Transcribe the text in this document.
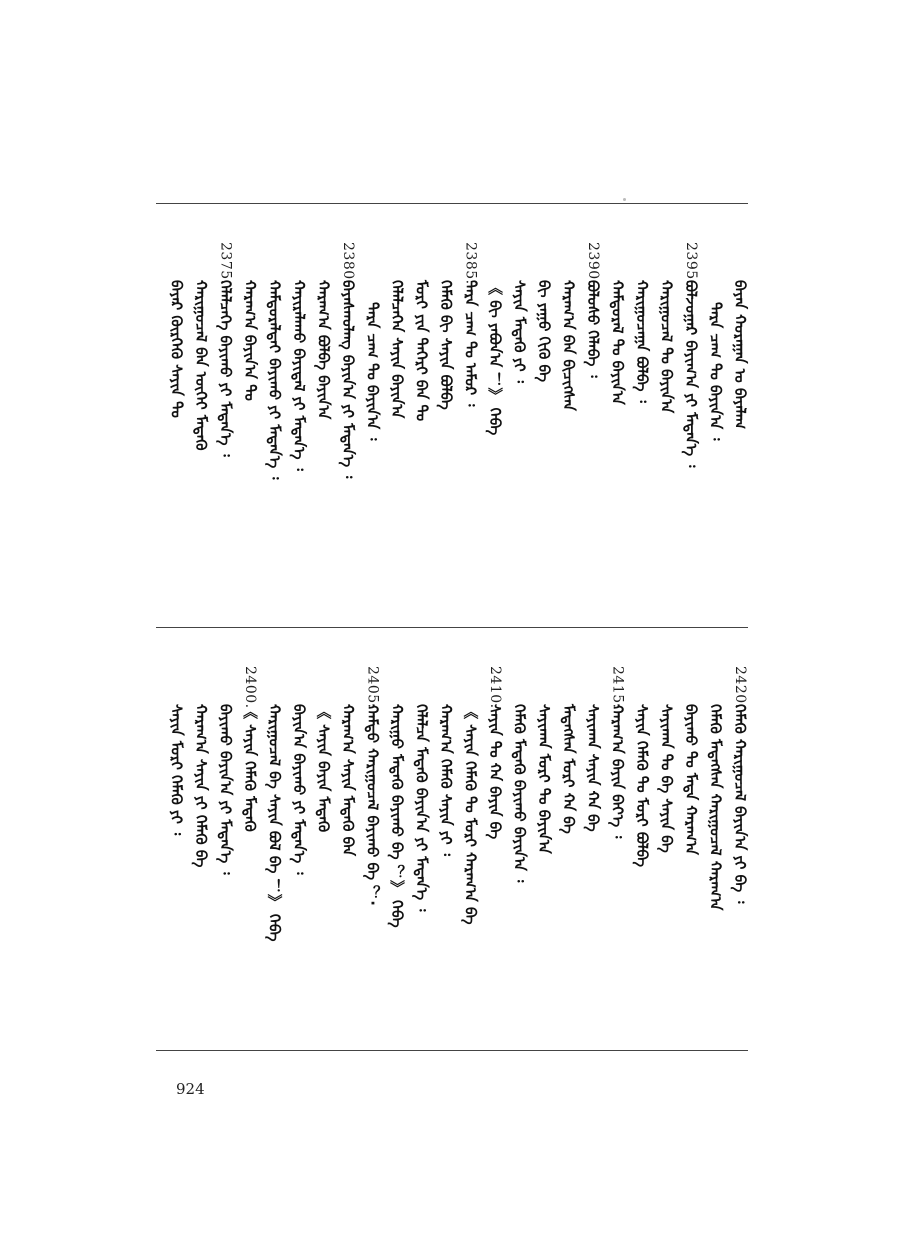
ᠪᠠᠶᠠᠨ ᠬᠤᠷᠠᠭᠠᠨ ᠤ ᠪᠠᠶᠠᠯᠠᠭ
ᠲᠡᠷᠡ ᠴᠠᠭ ᠲᠤ ᠪᠠᠶᠢᠨ᠎ᠠ ᠄
2395.
ᠪᠣᠯᠵᠣᠭᠠᠷ ᠪᠠᠶᠢᠭ᠎ᠠ ᠶᠢ ᠮᠡᠳᠡᠨ᠎ᠡ ᠄
ᠬᠠᠷᠢᠭᠤᠴᠠᠯ ᠲᠤ ᠪᠠᠶᠢᠨ᠎ᠠ
ᠬᠠᠷᠢᠭᠤᠴᠠᠭᠠ ᠪᠣᠯᠪᠠ ᠄
ᠬᠠᠮᠲᠤᠷᠠᠯ ᠲᠤ ᠪᠠᠶᠢᠨ᠎ᠠ
2390.
ᠪᠣᠯᠣᠰᠤ ᠬᠡᠯᠡᠪᠡ ᠄
ᠬᠠᠷᠠᠭ᠎ᠠ ᠪᠠᠨ ᠪᠢᠴᠢᠭᠰᠡᠨ
ᠪᠢ ᠶᠠᠭᠤ ᠬᠢᠬᠦ ᠪᠡ
ᠰᠠᠶᠢᠨ ᠮᠡᠳᠡᠬᠦ ᠶᠢ ᠄
《 ᠪᠢ ᠶᠠᠪᠤᠨ᠎ᠠ ！》 ᠭᠡᠪᠡ
2385.
ᠲᠡᠷᠡ ᠴᠠᠭ ᠲᠤ ᠠᠮᠤᠷ ᠄
ᠬᠡᠮᠡᠬᠦ ᠪᠢ ᠰᠠᠶᠢᠨ ᠪᠣᠯᠪᠠ
ᠮᠣᠷᠢ ᠶᠢᠨ ᠲᠡᠭᠡᠷᠢ ᠪᠡᠨ ᠲᠤ
ᠬᠡᠯᠡᠯᠴᠡᠭᠡᠨ ᠰᠠᠶᠢᠨ ᠪᠠᠶᠢᠨ᠎ᠠ
ᠲᠡᠷᠡ ᠴᠠᠭ ᠲᠤ ᠪᠠᠶᠢᠨ᠎ᠠ ᠄
2380.
ᠪᠠᠶᠠᠰᠬᠤᠯᠠᠩ ᠪᠠᠶᠢᠨ᠎ᠠ ᠶᠢ ᠮᠡᠳᠡᠨ᠎ᠡ ᠄
ᠬᠠᠷᠠᠭ᠎ᠠ ᠪᠣᠯᠪᠠ ᠪᠠᠶᠢᠨ᠎ᠠ
ᠬᠠᠶᠢᠷᠠᠯᠠᠬᠤ ᠪᠠᠶᠢᠳᠠᠯ ᠶᠢ ᠮᠡᠳᠡᠨ᠎ᠡ ᠄
ᠬᠠᠮᠲᠤᠷᠠᠯᠲᠠᠶ ᠪᠠᠶᠢᠬᠤ ᠶᠢ ᠮᠡᠳᠡᠨ᠎ᠡ ᠄
ᠬᠠᠷᠠᠭ᠎ᠠ ᠪᠠᠶᠢᠨ᠎ᠠ ᠲᠤ
2375.
ᠬᠡᠯᠡᠯᠴᠡᠭᠡ ᠪᠠᠶᠢᠬᠤ ᠶᠢ ᠮᠡᠳᠡᠨ᠎ᠡ ᠄
ᠬᠠᠷᠢᠭᠤᠴᠠᠯ ᠪᠠᠨ ᠦᠭᠡᠢ ᠮᠡᠳᠡᠬᠦ
ᠪᠠᠶᠠᠷ ᠬᠦᠷᠭᠡᠬᠦ ᠰᠠᠶᠢᠨ ᠲᠤ
2420.
ᠬᠡᠮᠡᠬᠦ ᠬᠠᠷᠢᠭᠤᠴᠠᠯ ᠪᠠᠶᠢᠨ᠎ᠠ ᠶᠢ ᠪᠡ ᠄
ᠬᠡᠮᠡᠬᠦ ᠮᠡᠳᠡᠭᠰᠡᠨ ᠬᠠᠷᠢᠭᠤᠴᠠᠯ ᠬᠠᠷᠠᠭ᠎ᠠ
ᠪᠠᠶᠢᠬᠤ ᠲᠤ ᠮᠡᠳᠡ ᠬᠠᠷᠠᠭ᠎ᠠ
ᠰᠠᠶᠢᠬᠠᠨ ᠲᠤ ᠪᠡ ᠰᠠᠶᠢᠨ ᠪᠡ
ᠰᠠᠶᠢᠨ ᠬᠡᠮᠡᠬᠦ ᠲᠤ ᠮᠣᠷᠢ ᠪᠣᠯᠪᠠ
2415.
ᠬᠠᠷᠠᠭ᠎ᠠ ᠪᠠᠶᠢᠨ ᠪᠡᠶ᠎ᠡ ᠄
ᠰᠠᠶᠢᠬᠠᠨ ᠰᠠᠶᠢᠨ ᠬᠠ ᠪᠡ
ᠮᠡᠳᠡᠭᠰᠡᠨ ᠮᠣᠷᠢ ᠬᠠ ᠪᠡ
ᠰᠠᠶᠢᠬᠠᠨ ᠮᠣᠷᠢ ᠲᠤ ᠪᠠᠶᠢᠨ᠎ᠠ
ᠬᠡᠮᠡᠬᠦ ᠮᠡᠳᠡᠬᠦ ᠪᠠᠶᠢᠬᠤ ᠪᠠᠶᠢᠨ᠎ᠠ ᠄
2410.
ᠰᠠᠶᠢᠨ ᠲᠤ ᠬᠠ ᠪᠠᠶᠢᠨ ᠪᠡ
《 ᠰᠠᠶᠢᠨ ᠬᠡᠮᠡᠬᠦ ᠲᠤ ᠮᠣᠷᠢ ᠬᠠᠷᠠᠭ᠎ᠠ ᠪᠡ
ᠬᠠᠷᠠᠭ᠎ᠠ ᠬᠡᠮᠡᠬᠦ ᠰᠠᠶᠢᠨ ᠶᠢ ᠄
ᠬᠡᠯᠡᠯᠴᠡ ᠮᠡᠳᠡᠬᠦ ᠪᠠᠶᠢᠨ᠎ᠠ ᠶᠢ ᠮᠡᠳᠡᠨ᠎ᠡ ᠄
ᠬᠠᠷᠢᠭᠤ ᠮᠡᠳᠡᠬᠦ ᠪᠠᠶᠢᠬᠤ ᠪᠡ ？》 ᠭᠡᠪᠡ
2405.
ᠬᠠᠮᠲᠤ ᠬᠠᠷᠢᠭᠤᠴᠠᠯ ᠪᠠᠶᠢᠬᠤ ᠪᠡ ？·
ᠬᠠᠷᠠᠭ᠎ᠠ ᠰᠠᠶᠢᠨ ᠮᠡᠳᠡᠬᠦ ᠪᠠᠨ
《 ᠰᠠᠶᠢᠨ ᠪᠠᠶᠢᠨ ᠮᠡᠳᠡᠬᠦ
ᠪᠠᠶᠢᠨ᠎ᠠ ᠪᠠᠶᠢᠬᠤ ᠶᠢ ᠮᠡᠳᠡᠨ᠎ᠡ ᠄
ᠬᠠᠷᠢᠭᠤᠴᠠᠯ ᠪᠡ ᠰᠠᠶᠢᠨ ᠪᠣᠯ ᠪᠡ ！》 ᠭᠡᠪᠡ
2400.
《 ᠰᠠᠶᠢᠨ ᠬᠡᠮᠡᠬᠦ ᠮᠡᠳᠡᠬᠦ
ᠪᠠᠶᠢᠬᠤ ᠪᠠᠶᠢᠨ᠎ᠠ ᠶᠢ ᠮᠡᠳᠡᠨ᠎ᠡ ᠄
ᠬᠠᠷᠠᠭ᠎ᠠ ᠰᠠᠶᠢᠨ ᠶᠢ ᠬᠡᠮᠡᠬᠦ ᠪᠡ
ᠰᠠᠶᠢᠨ ᠮᠣᠷᠢ ᠬᠡᠮᠡᠬᠦ ᠶᠢ ᠄
924
